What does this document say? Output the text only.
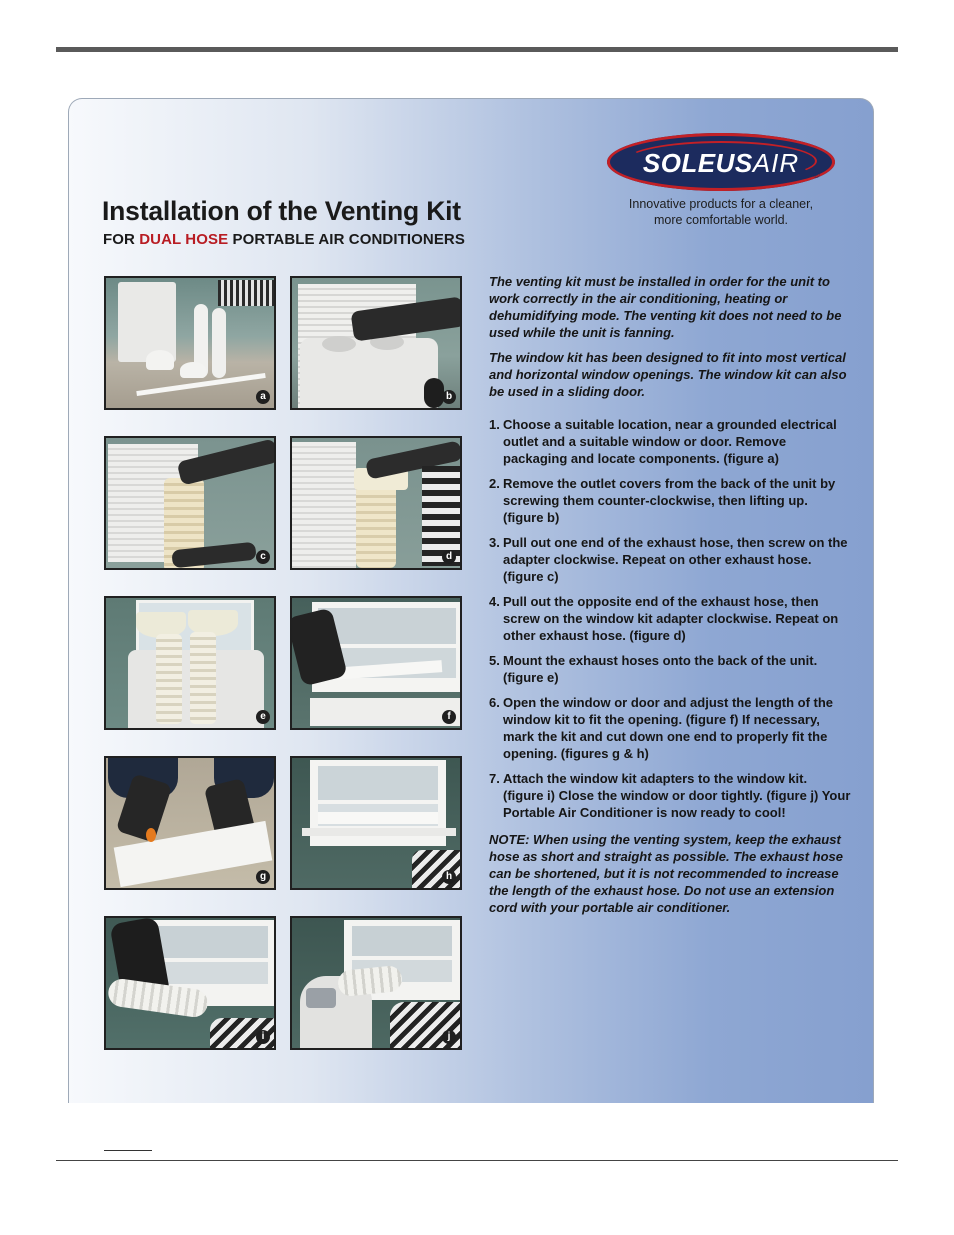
SOLEUSAIR	®
Innovative products for a cleaner,
more comfortable world.
Installation of the Venting Kit
FOR DUAL HOSE PORTABLE AIR CONDITIONERS
a	b
c	d
e	f
g	h
i	j

The venting kit must be installed in order for the unit to work correctly in the air conditioning, heating or dehumidifying mode. The venting kit does not need to be used while the unit is fanning.

The window kit has been designed to fit into most vertical and horizontal window openings. The window kit can also be used in a sliding door.

1. Choose a suitable location, near a grounded electrical outlet and a suitable window or door. Remove packaging and locate components. (figure a)

2. Remove the outlet covers from the back of the unit by screwing them counter-clockwise, then lifting up. (figure b)

3. Pull out one end of the exhaust hose, then screw on the adapter clockwise. Repeat on other exhaust hose. (figure c)

4. Pull out the opposite end of the exhaust hose, then screw on the window kit adapter clockwise. Repeat on other exhaust hose. (figure d)

5. Mount the exhaust hoses onto the back of the unit. (figure e)

6. Open the window or door and adjust the length of the window kit to fit the opening. (figure f) If necessary, mark the kit and cut down one end to properly fit the opening. (figures g & h)

7. Attach the window kit adapters to the window kit. (figure i) Close the window or door tightly. (figure j) Your Portable Air Conditioner is now ready to cool!

NOTE: When using the venting system, keep the exhaust hose as short and straight as possible. The exhaust hose can be shortened, but it is not recommended to increase the length of the exhaust hose. Do not use an extension cord with your portable air conditioner.
